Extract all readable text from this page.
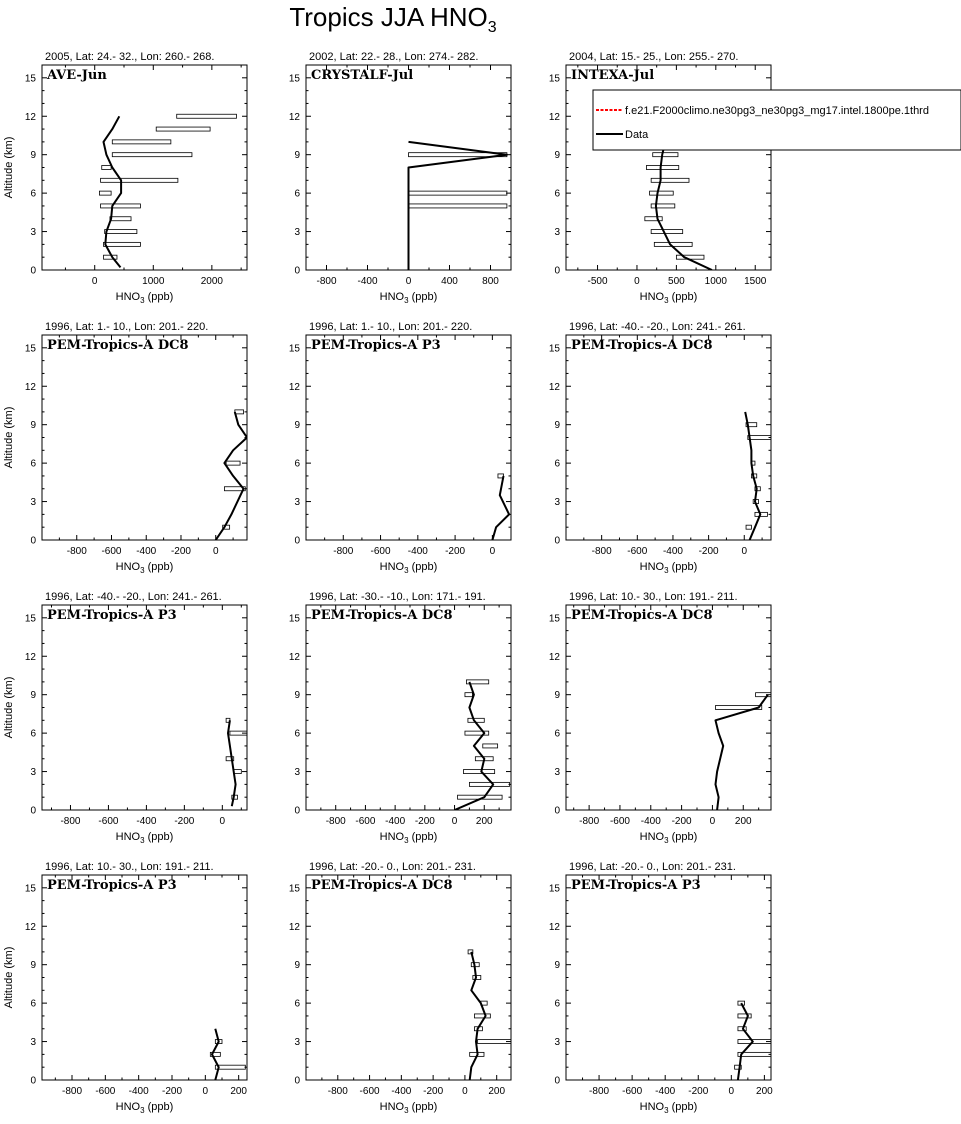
Tropics JJA $HNO_3$
2005, Lat: 24.- 32., Lon: 260.- 268.
0
3
6
9
12
15
0	1000	2000
$HNO_3$ (ppb)
Altitude (km)
AVE-Jun
2002, Lat: 22.- 28., Lon: 274.- 282.
0
3
6
9
12
15
-800 -400	0	400 800
$HNO_3$ (ppb)
CRYSTALF-Jul
2004, Lat: 15.- 25., Lon: 255.- 270.
0
3
6
9
12
15
-500	0	500 1000 1500
$HNO_3$ (ppb)
INTEXA-Jul
f.e21.F2000climo.ne30pg3_ne30pg3_mg17.intel.1800pe.1thrd
Data
1996, Lat: 1.- 10., Lon: 201.- 220.
0
3
6
9
12
15
-800 -600 -400 -200 0
$HNO_3$ (ppb)
Altitude (km)
PEM-Tropics-A DC8
1996, Lat: 1.- 10., Lon: 201.- 220.
0
3
6
9
12
15
-800 -600 -400 -200 0
$HNO_3$ (ppb)
PEM-Tropics-A P3
1996, Lat: -40.- -20., Lon: 241.- 261.
0
3
6
9
12
15
-800 -600 -400 -200 0
$HNO_3$ (ppb)
PEM-Tropics-A DC8
1996, Lat: -40.- -20., Lon: 241.- 261.
0
3
6
9
12
15
-800 -600 -400 -200	0
$HNO_3$ (ppb)
Altitude (km)
PEM-Tropics-A P3
1996, Lat: -30.- -10., Lon: 171.- 191.
0
3
6
9
12
15
-800 -600 -400 -200 0 200
$HNO_3$ (ppb)
PEM-Tropics-A DC8
1996, Lat: 10.- 30., Lon: 191.- 211.
0
3
6
9
12
15
-800 -600 -400 -200 0 200
$HNO_3$ (ppb)
PEM-Tropics-A DC8
1996, Lat: 10.- 30., Lon: 191.- 211.
0
3
6
9
12
15
-800 -600 -400 -200 0 200
$HNO_3$ (ppb)
Altitude (km)
PEM-Tropics-A P3
1996, Lat: -20.- 0., Lon: 201.- 231.
0
3
6
9
12
15
-800 -600 -400 -200 0 200
$HNO_3$ (ppb)
PEM-Tropics-A DC8
1996, Lat: -20.- 0., Lon: 201.- 231.
0
3
6
9
12
15
-800 -600 -400 -200 0 200
$HNO_3$ (ppb)
PEM-Tropics-A P3
